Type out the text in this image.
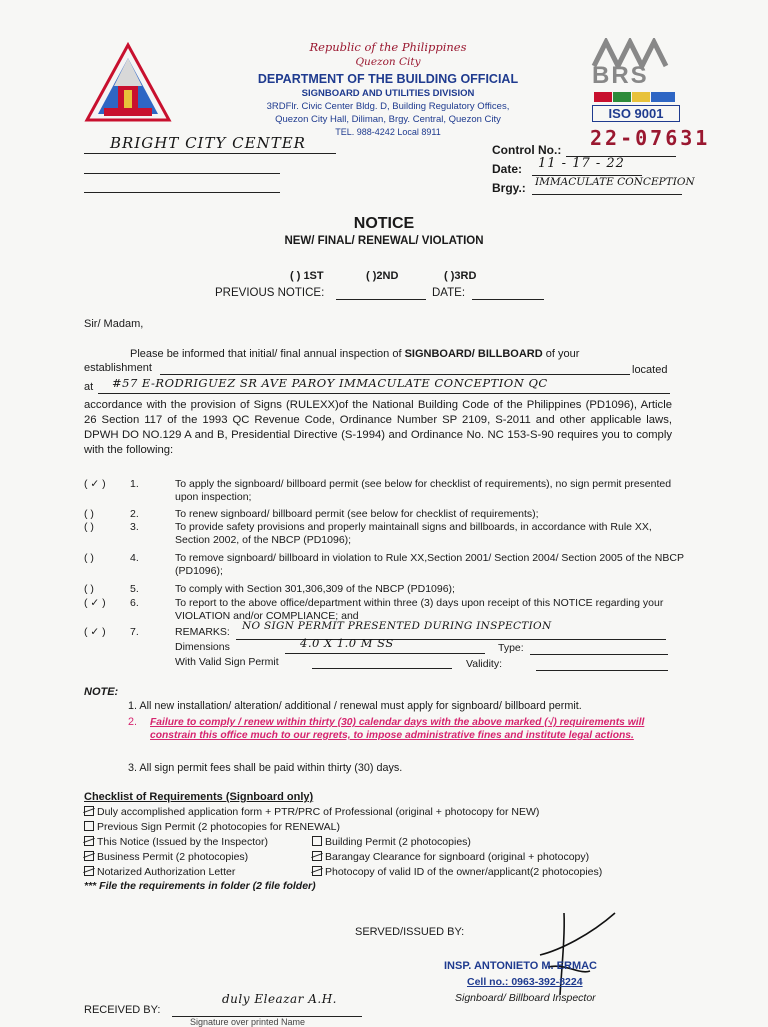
Republic of the Philippines
Quezon City
DEPARTMENT OF THE BUILDING OFFICIAL
SIGNBOARD AND UTILITIES DIVISION
3RDFlr. Civic Center Bldg. D, Building Regulatory Offices,
Quezon City Hall, Diliman, Brgy. Central, Quezon City
TEL. 988-4242 Local 8911
BRS
ISO 9001
BRIGHT CITY CENTER	Control No.: 22-07631
Date: 11 - 17 - 22
Brgy.: IMMACULATE CONCEPTION
NOTICE
NEW/ FINAL/ RENEWAL/ VIOLATION
( ) 1ST	( )2ND	( )3RD
PREVIOUS NOTICE:	DATE:
Sir/ Madam,
Please be informed that initial/ final annual inspection of SIGNBOARD/ BILLBOARD of your
establishment	located
at #57 E-RODRIGUEZ SR AVE PAROY IMMACULATE CONCEPTION QC
accordance with the provision of Signs (RULEXX)of the National Building Code of the Philippines (PD1096), Article 26 Section 117 of the 1993 QC Revenue Code, Ordinance Number SP 2109, S-2011 and other applicable laws, DPWH DO NO.129 A and B, Presidential Directive (S-1994) and Ordinance No. NC 153-S-90 requires you to comply with the following:
( ✓ )	1.	To apply the signboard/ billboard permit (see below for checklist of requirements), no sign permit presented upon inspection;
( )	2.	To renew signboard/ billboard permit (see below for checklist of requirements);
( )	3.	To provide safety provisions and properly maintainall signs and billboards, in accordance with Rule XX, Section 2002, of the NBCP (PD1096);
( )	4.	To remove signboard/ billboard in violation to Rule XX,Section 2001/ Section 2004/ Section 2005 of the NBCP (PD1096);
( )	5.	To comply with Section 301,306,309 of the NBCP (PD1096);
( ✓ )	6.	To report to the above office/department within three (3) days upon receipt of this NOTICE regarding your VIOLATION and/or COMPLIANCE; and
( ✓ )	7.	REMARKS:	NO SIGN PERMIT PRESENTED DURING INSPECTION
Dimensions	4.0 X 1.0 M SS	Type:
With Valid Sign Permit	Validity:
NOTE:
1. All new installation/ alteration/ additional / renewal must apply for signboard/ billboard permit.
2. Failure to comply / renew within thirty (30) calendar days with the above marked (√) requirements will constrain this office much to our regrets, to impose administrative fines and institute legal actions.
3. All sign permit fees shall be paid within thirty (30) days.
Checklist of Requirements (Signboard only)
Duly accomplished application form + PTR/PRC of Professional (original + photocopy for NEW)
Previous Sign Permit (2 photocopies for RENEWAL)
This Notice (Issued by the Inspector)	Building Permit (2 photocopies)
Business Permit (2 photocopies)	Barangay Clearance for signboard (original + photocopy)
Notarized Authorization Letter	Photocopy of valid ID of the owner/applicant(2 photocopies)
*** File the requirements in folder (2 file folder)
SERVED/ISSUED BY:
INSP. ANTONIETO M. ERMAC
Cell no.: 0963-392-8224
Signboard/ Billboard Inspector
RECEIVED BY:
duly Eleazar A.H.
Signature over printed Name
